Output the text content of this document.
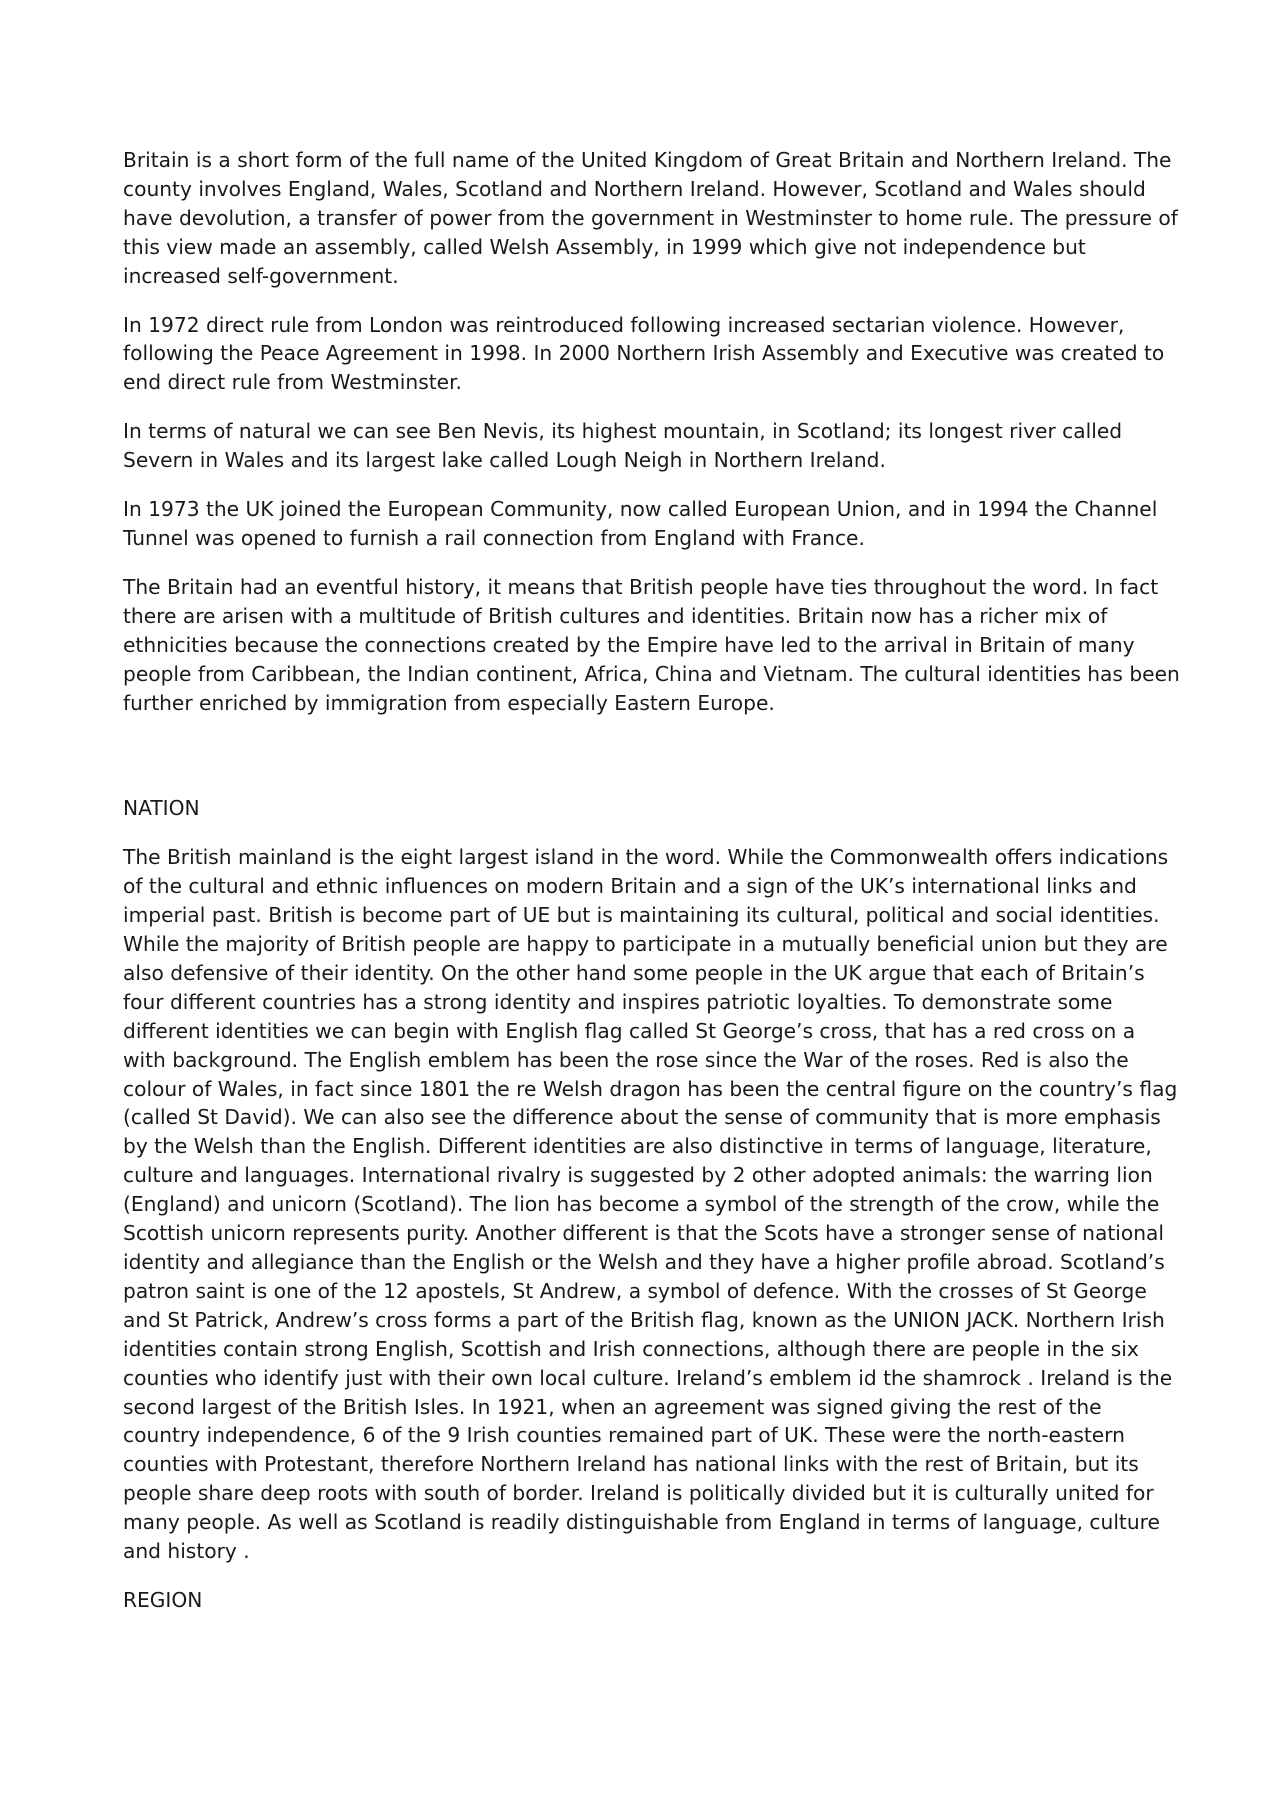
Britain is a short form of the full name of the United Kingdom of Great Britain and Northern Ireland. The county involves England, Wales, Scotland and Northern Ireland. However, Scotland and Wales should have devolution, a transfer of power from the government in Westminster to home rule. The pressure of this view made an assembly, called Welsh Assembly, in 1999 which give not independence but increased self-government.

In 1972 direct rule from London was reintroduced following increased sectarian violence. However, following the Peace Agreement in 1998. In 2000 Northern Irish Assembly and Executive was created to end direct rule from Westminster.

In terms of natural we can see Ben Nevis, its highest mountain, in Scotland; its longest river called Severn in Wales and its largest lake called Lough Neigh in Northern Ireland.

In 1973 the UK joined the European Community, now called European Union, and in 1994 the Channel Tunnel was opened to furnish a rail connection from England with France.

The Britain had an eventful history, it means that British people have ties throughout the word. In fact there are arisen with a multitude of British cultures and identities. Britain now has a richer mix of ethnicities because the connections created by the Empire have led to the arrival in Britain of many people from Caribbean, the Indian continent, Africa, China and Vietnam. The cultural identities has been further enriched by immigration from especially Eastern Europe.

NATION

The British mainland is the eight largest island in the word. While the Commonwealth offers indications of the cultural and ethnic influences on modern Britain and a sign of the UK’s international links and imperial past. British is become part of UE but is maintaining its cultural, political and social identities. While the majority of British people are happy to participate in a mutually beneficial union but they are also defensive of their identity. On the other hand some people in the UK argue that each of Britain’s four different countries has a strong identity and inspires patriotic loyalties. To demonstrate some different identities we can begin with English flag called St George’s cross, that has a red cross on a with background. The English emblem has been the rose since the War of the roses. Red is also the colour of Wales, in fact since 1801 the re Welsh dragon has been the central figure on the country’s flag (called St David). We can also see the difference about the sense of community that is more emphasis by the Welsh than the English. Different identities are also distinctive in terms of language, literature, culture and languages. International rivalry is suggested by 2 other adopted animals: the warring lion (England) and unicorn (Scotland). The lion has become a symbol of the strength of the crow, while the Scottish unicorn represents purity. Another different is that the Scots have a stronger sense of national identity and allegiance than the English or the Welsh and they have a higher profile abroad. Scotland’s patron saint is one of the 12 apostels, St Andrew, a symbol of defence. With the crosses of St George and St Patrick, Andrew’s cross forms a part of the British flag, known as the UNION JACK. Northern Irish identities contain strong English, Scottish and Irish connections, although there are people in the six counties who identify just with their own local culture. Ireland’s emblem id the shamrock . Ireland is the second largest of the British Isles. In 1921, when an agreement was signed giving the rest of the country independence, 6 of the 9 Irish counties remained part of UK. These were the north-eastern counties with Protestant, therefore Northern Ireland has national links with the rest of Britain, but its people share deep roots with south of border. Ireland is politically divided but it is culturally united for many people. As well as Scotland is readily distinguishable from England in terms of language, culture and history .

REGION
